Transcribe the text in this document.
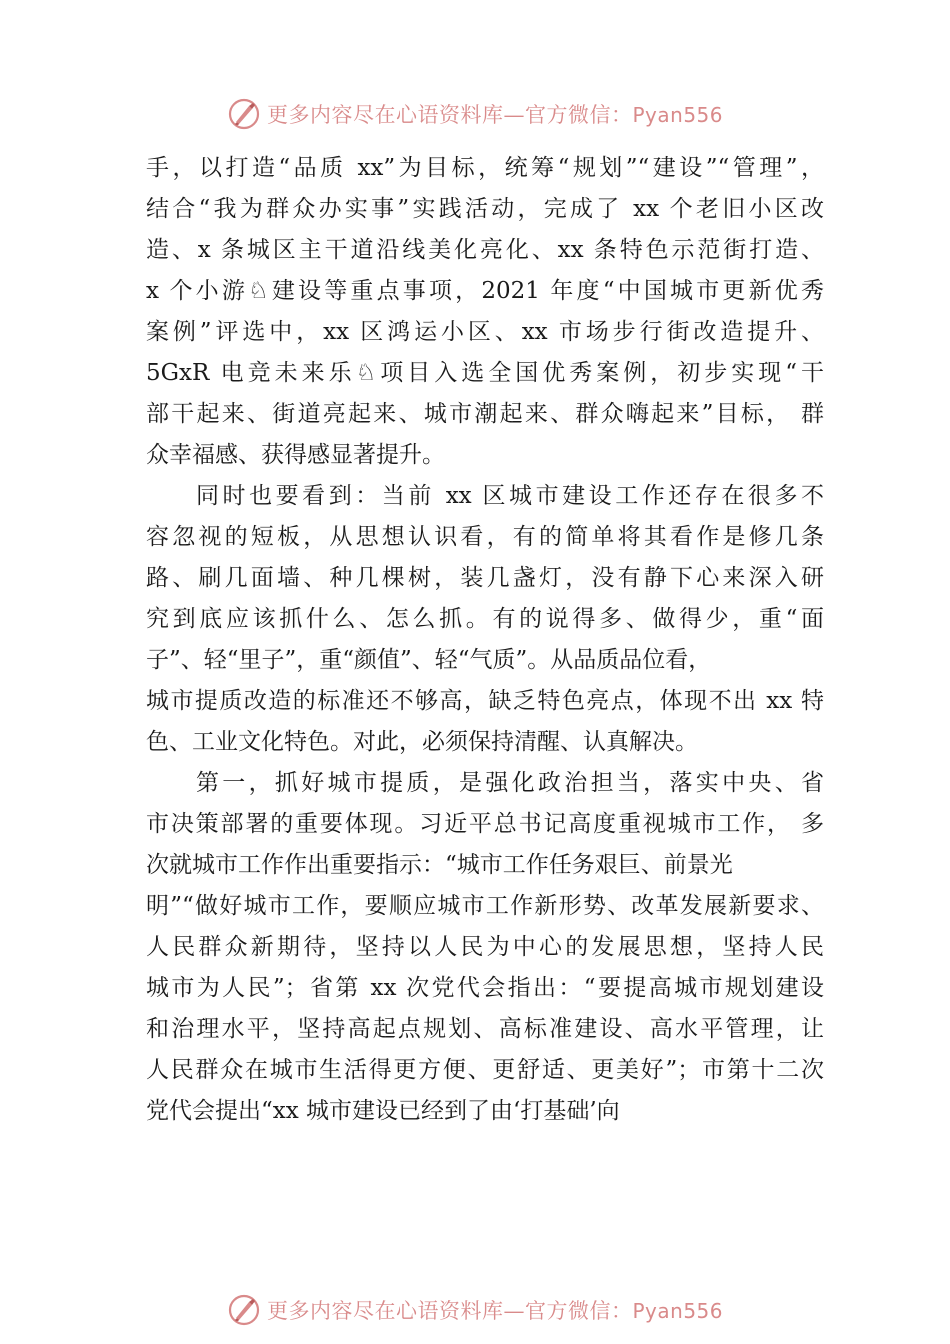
更多内容尽在心语资料库—官方微信：Pyan556
手，以打造“品质 xx”为目标，统筹“规划”“建设”“管理”，
结合“我为群众办实事”实践活动，完成了 xx 个老旧小区改
造、x 条城区主干道沿线美化亮化、xx 条特色示范街打造、
x 个小游♘建设等重点事项，2021 年度“中国城市更新优秀
案例”评选中，xx 区鸿运小区、xx 市场步行街改造提升、
5GxR 电竞未来乐♘项目入选全国优秀案例，初步实现“干
部干起来、街道亮起来、城市潮起来、群众嗨起来”目标， 群
众幸福感、获得感显著提升。
同时也要看到：当前 xx 区城市建设工作还存在很多不
容忽视的短板，从思想认识看，有的简单将其看作是修几条
路、刷几面墙、种几棵树，装几盏灯，没有静下心来深入研
究到底应该抓什么、怎么抓。有的说得多、做得少，重“面
子”、轻“里子”，重“颜值”、轻“气质”。从品质品位看，
城市提质改造的标准还不够高，缺乏特色亮点，体现不出 xx 特
色、工业文化特色。对此，必须保持清醒、认真解决。
第一，抓好城市提质，是强化政治担当，落实中央、省
市决策部署的重要体现。习近平总书记高度重视城市工作， 多
次就城市工作作出重要指示：“城市工作任务艰巨、前景光
明”“做好城市工作，要顺应城市工作新形势、改革发展新要求、
人民群众新期待，坚持以人民为中心的发展思想，坚持人民
城市为人民”；省第 xx 次党代会指出：“要提高城市规划建设
和治理水平，坚持高起点规划、高标准建设、高水平管理，让
人民群众在城市生活得更方便、更舒适、更美好”；市第十二次
党代会提出“xx 城市建设已经到了由‘打基础’向
更多内容尽在心语资料库—官方微信：Pyan556
